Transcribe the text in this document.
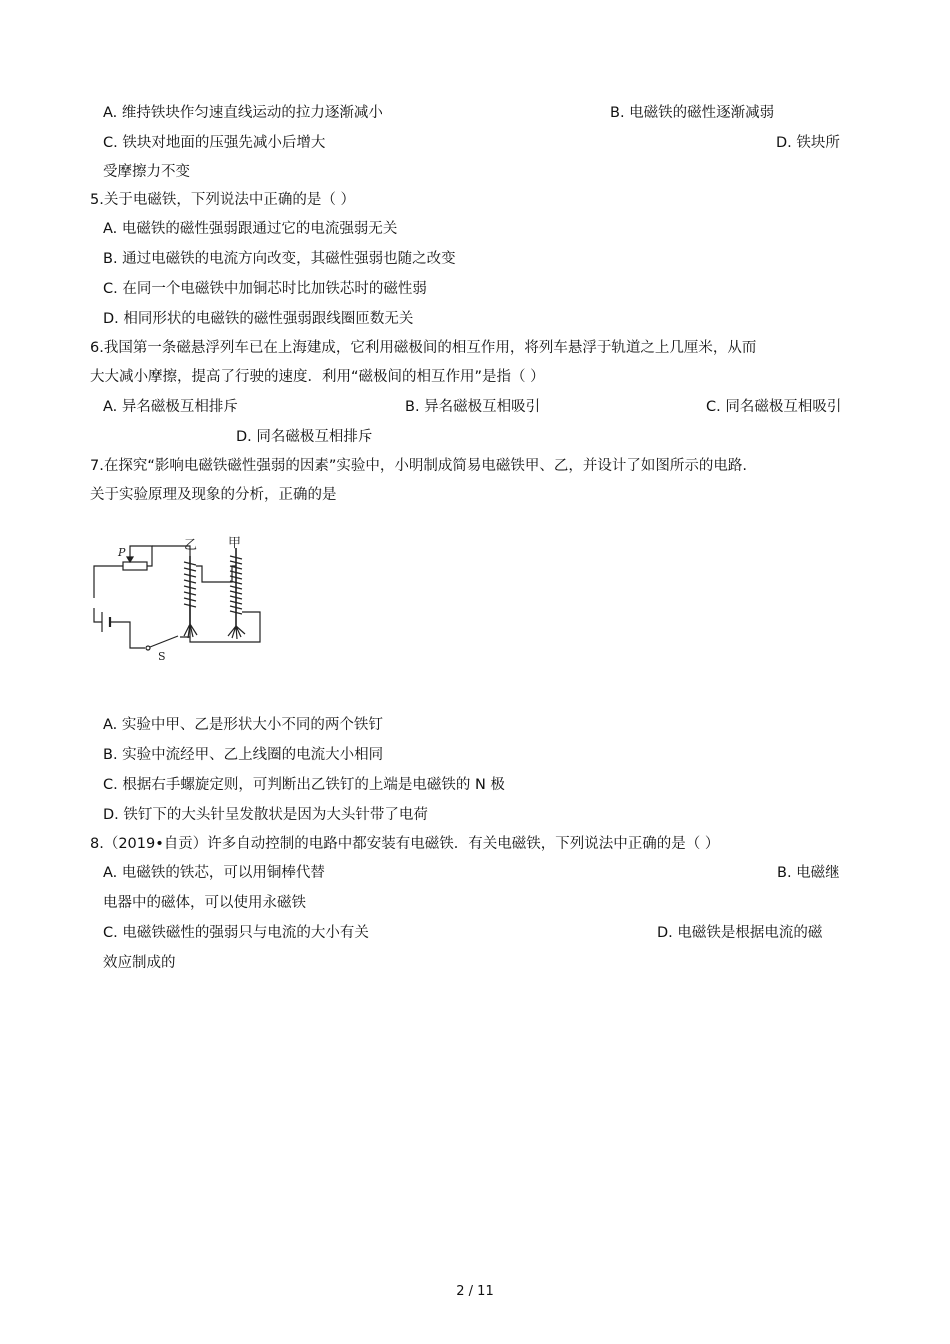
A. 维持铁块作匀速直线运动的拉力逐渐减小	B. 电磁铁的磁性逐渐减弱
C. 铁块对地面的压强先减小后增大	D. 铁块所
受摩擦力不变
5.关于电磁铁，下列说法中正确的是（ ）
A. 电磁铁的磁性强弱跟通过它的电流强弱无关
B. 通过电磁铁的电流方向改变，其磁性强弱也随之改变
C. 在同一个电磁铁中加铜芯时比加铁芯时的磁性弱
D. 相同形状的电磁铁的磁性强弱跟线圈匝数无关
6.我国第一条磁悬浮列车已在上海建成，它利用磁极间的相互作用，将列车悬浮于轨道之上几厘米，从而
大大减小摩擦，提高了行驶的速度．利用“磁极间的相互作用”是指（ ）
A. 异名磁极互相排斥	B. 异名磁极互相吸引	C. 同名磁极互相吸引
D. 同名磁极互相排斥
7.在探究“影响电磁铁磁性强弱的因素”实验中，小明制成简易电磁铁甲、乙，并设计了如图所示的电路.
关于实验原理及现象的分析，正确的是
P	乙 甲
S
A. 实验中甲、乙是形状大小不同的两个铁钉
B. 实验中流经甲、乙上线圈的电流大小相同
C. 根据右手螺旋定则，可判断出乙铁钉的上端是电磁铁的 N 极
D. 铁钉下的大头针呈发散状是因为大头针带了电荷
8.（2019•自贡）许多自动控制的电路中都安装有电磁铁．有关电磁铁，下列说法中正确的是（ ）
A. 电磁铁的铁芯，可以用铜棒代替	B. 电磁继
电器中的磁体，可以使用永磁铁
C. 电磁铁磁性的强弱只与电流的大小有关	D. 电磁铁是根据电流的磁
效应制成的
2 / 11
